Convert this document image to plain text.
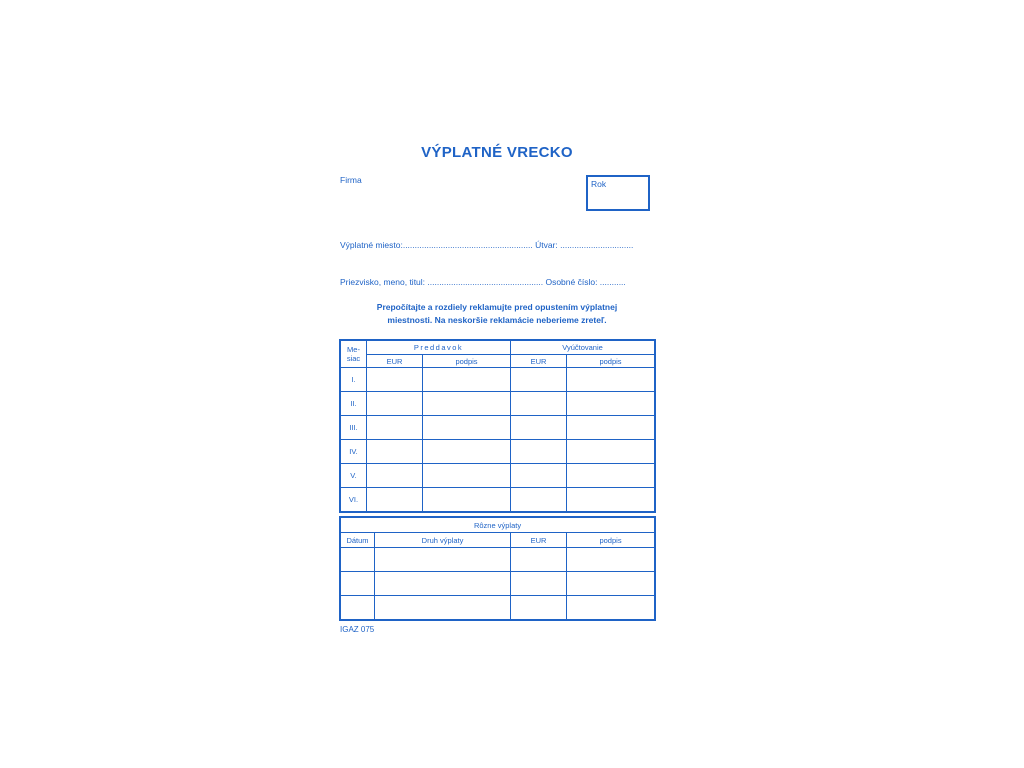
VÝPLATNÉ VRECKO
Firma	Rok
Výplatné miesto:....................................................... Útvar: ...............................
Priezvisko, meno, titul: ................................................. Osobné číslo: ...........
Prepočítajte a rozdiely reklamujte pred opustením výplatnej
miestnosti. Na neskoršie reklamácie neberieme zreteľ.
Me-
siac	Preddavok		Vyúčtovanie	
	EUR	podpis	EUR	podpis
I.				
II.				
III.				
IV.				
V.				
VI.				
Rôzne výplaty			
Dátum	Druh výplaty	EUR	podpis

IGAZ 075
